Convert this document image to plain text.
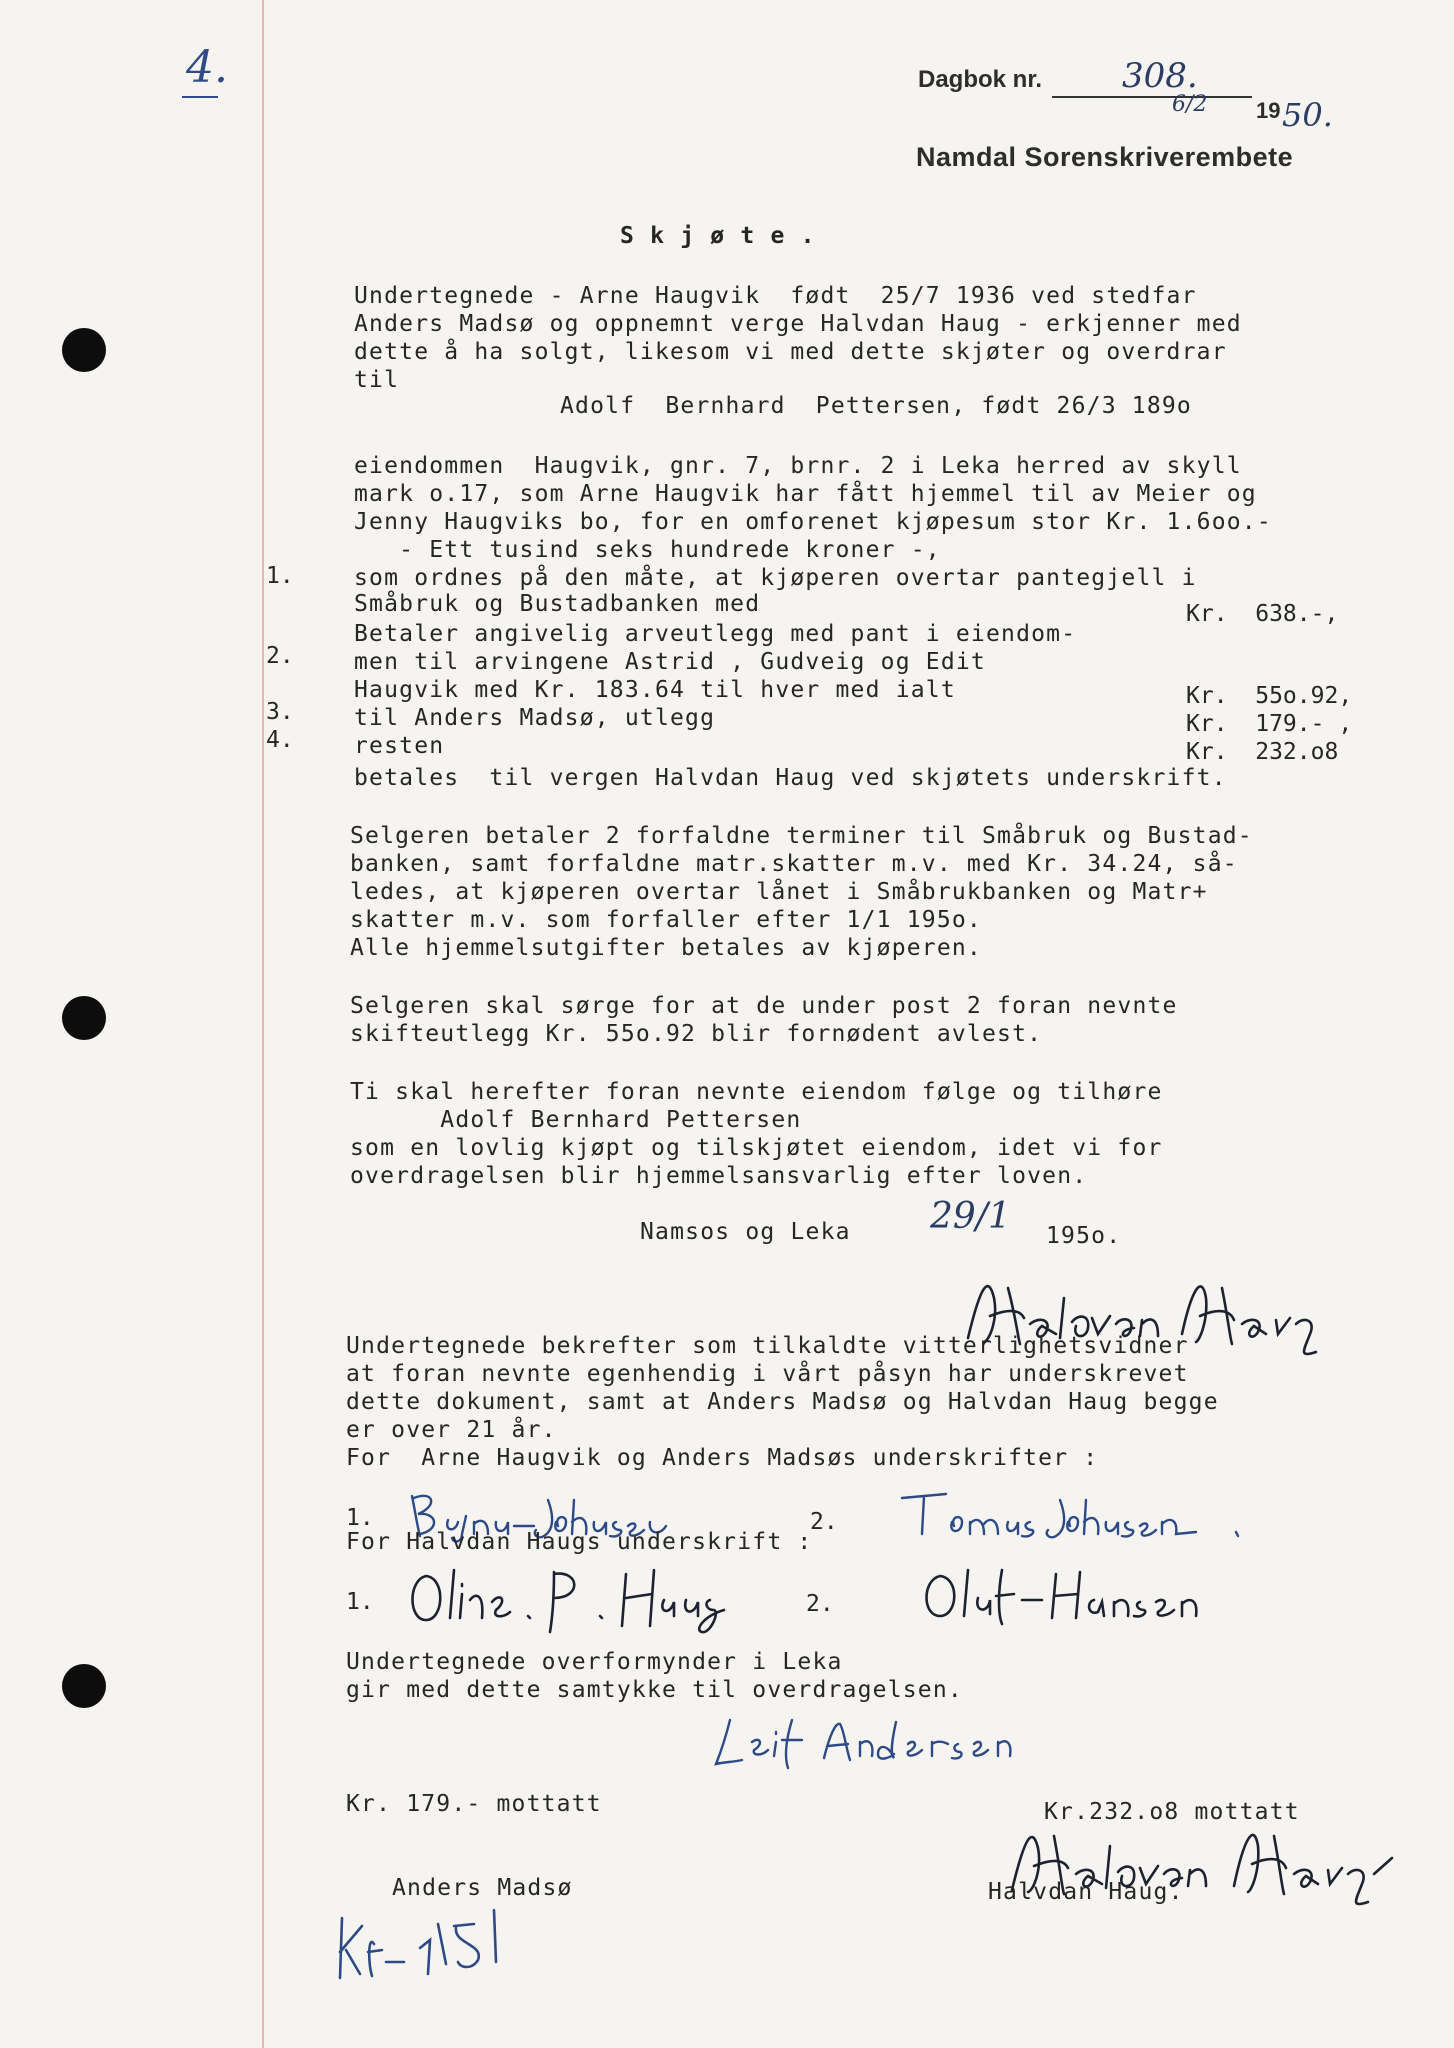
4.	Dagbok nr. 308.
6/2 19 50.
Namdal Sorenskriverembete
S k j ø t e .
Undertegnede - Arne Haugvik  født  25/7 1936 ved stedfar
Anders Madsø og oppnemnt verge Halvdan Haug - erkjenner med
dette å ha solgt, likesom vi med dette skjøter og overdrar
til
Adolf  Bernhard  Pettersen, født 26/3 189o
eiendommen  Haugvik, gnr. 7, brnr. 2 i Leka herred av skyll
mark o.17, som Arne Haugvik har fått hjemmel til av Meier og
Jenny Haugviks bo, for en omforenet kjøpesum stor Kr. 1.6oo.-
- Ett tusind seks hundrede kroner -,
1.	som ordnes på den måte, at kjøperen overtar pantegjell i
Småbruk og Bustadbanken med	Kr.  638.-,
Betaler angivelig arveutlegg med pant i eiendom-
2.	men til arvingene Astrid , Gudveig og Edit
Haugvik med Kr. 183.64 til hver med ialt	Kr.  55o.92,
3.	til Anders Madsø, utlegg	Kr.  179.- ,
4.	resten	Kr.  232.o8
betales  til vergen Halvdan Haug ved skjøtets underskrift.
Selgeren betaler 2 forfaldne terminer til Småbruk og Bustad-
banken, samt forfaldne matr.skatter m.v. med Kr. 34.24, så-
ledes, at kjøperen overtar lånet i Småbrukbanken og Matr+
skatter m.v. som forfaller efter 1/1 195o.
Alle hjemmelsutgifter betales av kjøperen.
Selgeren skal sørge for at de under post 2 foran nevnte
skifteutlegg Kr. 55o.92 blir fornødent avlest.
Ti skal herefter foran nevnte eiendom følge og tilhøre
Adolf Bernhard Pettersen
som en lovlig kjøpt og tilskjøtet eiendom, idet vi for
overdragelsen blir hjemmelsansvarlig efter loven.
Namsos og Leka 29/1 195o.
Undertegnede bekrefter som tilkaldte vitterlighetsvidner
at foran nevnte egenhendig i vårt påsyn har underskrevet
dette dokument, samt at Anders Madsø og Halvdan Haug begge
er over 21 år.
For  Arne Haugvik og Anders Madsøs underskrifter :
1.	2.
For Halvdan Haugs underskrift :
1.	2.
Undertegnede overformynder i Leka
gir med dette samtykke til overdragelsen.
Kr. 179.- mottatt	Kr.232.o8 mottatt
Anders Madsø	Halvdan Haug.
